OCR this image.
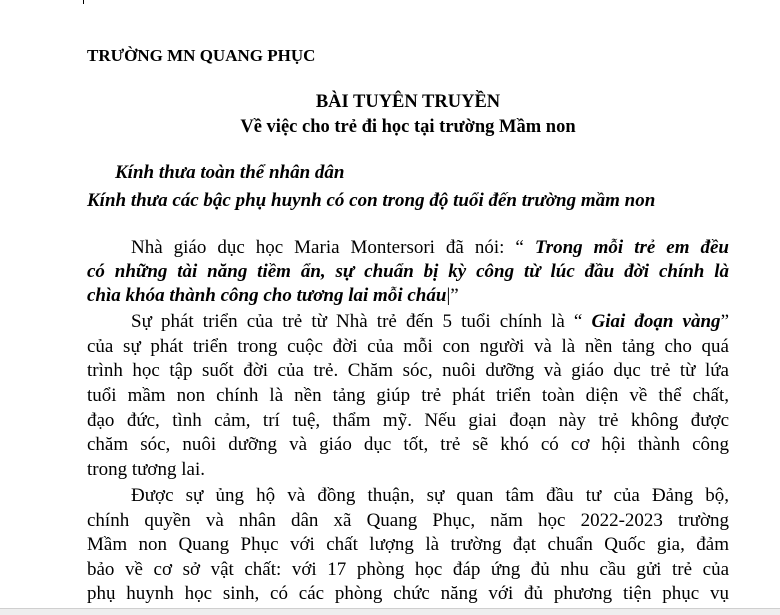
TRƯỜNG MN QUANG PHỤC
BÀI TUYÊN TRUYỀN
Về việc cho trẻ đi học tại trường Mầm non
Kính thưa toàn thể nhân dân
Kính thưa các bậc phụ huynh có con trong độ tuổi đến trường mầm non
Nhà giáo dục học Maria Montersori đã nói: “ Trong mỗi trẻ em đều
có những tài năng tiềm ẩn, sự chuẩn bị kỳ công từ lúc đầu đời chính là
chìa khóa thành công cho tương lai mỗi cháu|”
Sự phát triển của trẻ từ Nhà trẻ đến 5 tuổi chính là “ Giai đoạn vàng”
của sự phát triển trong cuộc đời của mỗi con người và là nền tảng cho quá
trình học tập suốt đời của trẻ. Chăm sóc, nuôi dưỡng và giáo dục trẻ từ lứa
tuổi mầm non chính là nền tảng giúp trẻ phát triển toàn diện về thể chất,
đạo đức, tình cảm, trí tuệ, thẩm mỹ. Nếu giai đoạn này trẻ không được
chăm sóc, nuôi dưỡng và giáo dục tốt, trẻ sẽ khó có cơ hội thành công
trong tương lai.
Được sự ủng hộ và đồng thuận, sự quan tâm đầu tư của Đảng bộ,
chính quyền và nhân dân xã Quang Phục, năm học 2022-2023 trường
Mầm non Quang Phục với chất lượng là trường đạt chuẩn Quốc gia, đảm
bảo về cơ sở vật chất: với 17 phòng học đáp ứng đủ nhu cầu gửi trẻ của
phụ huynh học sinh, có các phòng chức năng với đủ phương tiện phục vụ
